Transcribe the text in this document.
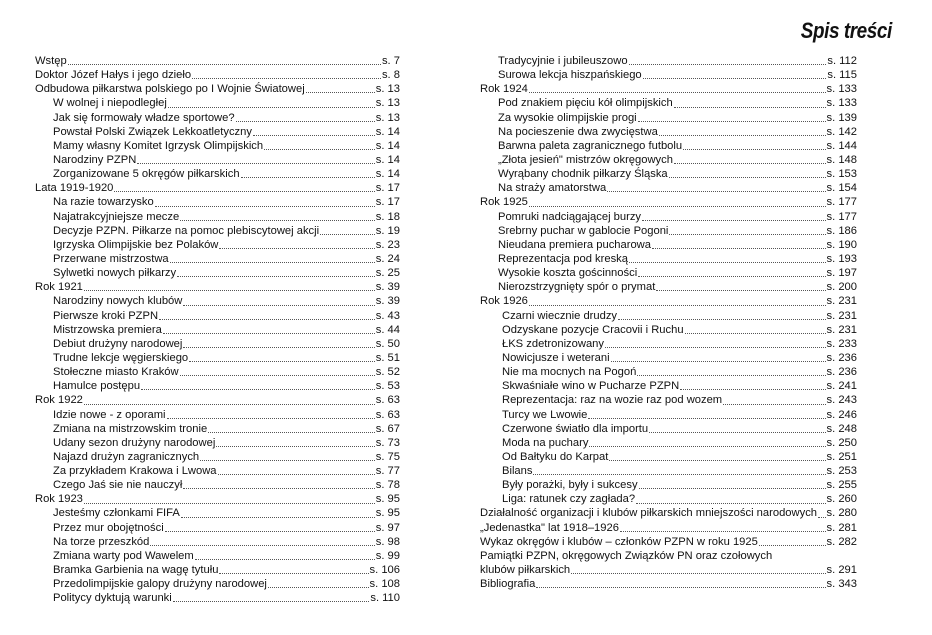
Spis treści
Wstęp	s. 7
Doktor Józef Hałys i jego dzieło	s. 8
Odbudowa piłkarstwa polskiego po I Wojnie Światowej	s. 13
W wolnej i niepodległej	s. 13
Jak się formowały władze sportowe?	s. 13
Powstał Polski Związek Lekkoatletyczny	s. 14
Mamy własny Komitet Igrzysk Olimpijskich	s. 14
Narodziny PZPN	s. 14
Zorganizowane 5 okręgów piłkarskich	s. 14
Lata 1919-1920	s. 17
Na razie towarzysko	s. 17
Najatrakcyjniejsze mecze	s. 18
Decyzje PZPN. Piłkarze na pomoc plebiscytowej akcji	s. 19
Igrzyska Olimpijskie bez Polaków	s. 23
Przerwane mistrzostwa	s. 24
Sylwetki nowych piłkarzy	s. 25
Rok 1921	s. 39
Narodziny nowych klubów	s. 39
Pierwsze kroki PZPN	s. 43
Mistrzowska premiera	s. 44
Debiut drużyny narodowej	s. 50
Trudne lekcje węgierskiego	s. 51
Stołeczne miasto Kraków	s. 52
Hamulce postępu	s. 53
Rok 1922	s. 63
Idzie nowe - z oporami	s. 63
Zmiana na mistrzowskim tronie	s. 67
Udany sezon drużyny narodowej	s. 73
Najazd drużyn zagranicznych	s. 75
Za przykładem Krakowa i Lwowa	s. 77
Czego Jaś sie nie nauczył	s. 78
Rok 1923	s. 95
Jesteśmy członkami FIFA	s. 95
Przez mur obojętności	s. 97
Na torze przeszkód	s. 98
Zmiana warty pod Wawelem	s. 99
Bramka Garbienia na wagę tytułu	s. 106
Przedolimpijskie galopy drużyny narodowej	s. 108
Politycy dyktują warunki	s. 110
Tradycyjnie i jubileuszowo	s. 112
Surowa lekcja hiszpańskiego	s. 115
Rok 1924	s. 133
Pod znakiem pięciu kół olimpijskich	s. 133
Za wysokie olimpijskie progi	s. 139
Na pocieszenie dwa zwycięstwa	s. 142
Barwna paleta zagranicznego futbolu	s. 144
„Złota jesień" mistrzów okręgowych	s. 148
Wyrąbany chodnik piłkarzy Śląska	s. 153
Na straży amatorstwa	s. 154
Rok 1925	s. 177
Pomruki nadciągającej burzy	s. 177
Srebrny puchar w gablocie Pogoni	s. 186
Nieudana premiera pucharowa	s. 190
Reprezentacja pod kreską	s. 193
Wysokie koszta gościnności	s. 197
Nierozstrzygnięty spór o prymat	s. 200
Rok 1926	s. 231
Czarni wiecznie drudzy	s. 231
Odzyskane pozycje Cracovii i Ruchu	s. 231
ŁKS zdetronizowany	s. 233
Nowicjusze i weterani	s. 236
Nie ma mocnych na Pogoń	s. 236
Skwaśniałe wino w Pucharze PZPN	s. 241
Reprezentacja: raz na wozie raz pod wozem	s. 243
Turcy we Lwowie	s. 246
Czerwone światło dla importu	s. 248
Moda na puchary	s. 250
Od Bałtyku do Karpat	s. 251
Bilans	s. 253
Były porażki, były i sukcesy	s. 255
Liga: ratunek czy zagłada?	s. 260
Działalność organizacji i klubów piłkarskich mniejszości narodowych s. 280
„Jedenastka" lat 1918–1926	s. 281
Wykaz okręgów i klubów – członków PZPN w roku 1925	s. 282
Pamiątki PZPN, okręgowych Związków PN oraz czołowych
klubów piłkarskich	s. 291
Bibliografia	s. 343
